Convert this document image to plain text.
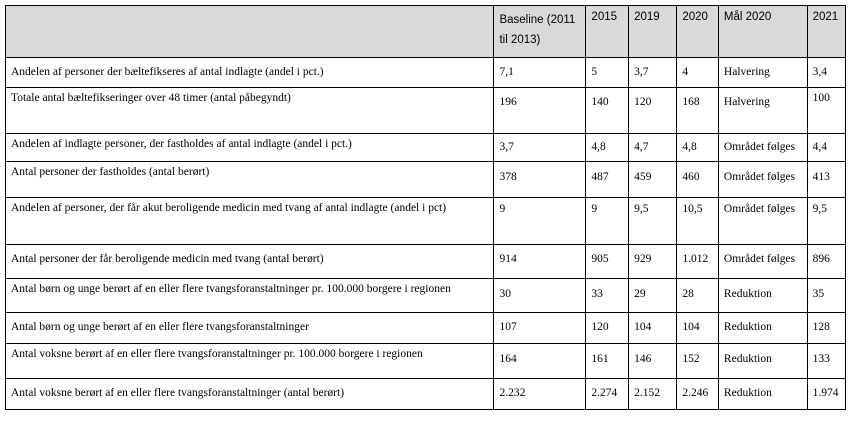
	Baseline (2011 til 2013)	2015	2019	2020	Mål 2020	2021
Andelen af personer der bæltefikseres af antal indlagte (andel i pct.)	7,1	5	3,7	4	Halvering	3,4
Totale antal bæltefikseringer over 48 timer (antal påbegyndt)	196	140	120	168	Halvering	100
Andelen af indlagte personer, der fastholdes af antal indlagte (andel i pct.)	3,7	4,8	4,7	4,8	Området følges	4,4
Antal personer der fastholdes (antal berørt)	378	487	459	460	Området følges	413
Andelen af personer, der får akut beroligende medicin med tvang af antal indlagte (andel i pct)	9	9	9,5	10,5	Området følges	9,5
Antal personer der får beroligende medicin med tvang (antal berørt)	914	905	929	1.012	Området følges	896
Antal børn og unge berørt af en eller flere tvangsforanstaltninger pr. 100.000 borgere i regionen	30	33	29	28	Reduktion	35
Antal børn og unge berørt af en eller flere tvangsforanstaltninger	107	120	104	104	Reduktion	128
Antal voksne berørt af en eller flere tvangsforanstaltninger pr. 100.000 borgere i regionen	164	161	146	152	Reduktion	133
Antal voksne berørt af en eller flere tvangsforanstaltninger (antal berørt)	2.232	2.274	2.152	2.246	Reduktion	1.974
